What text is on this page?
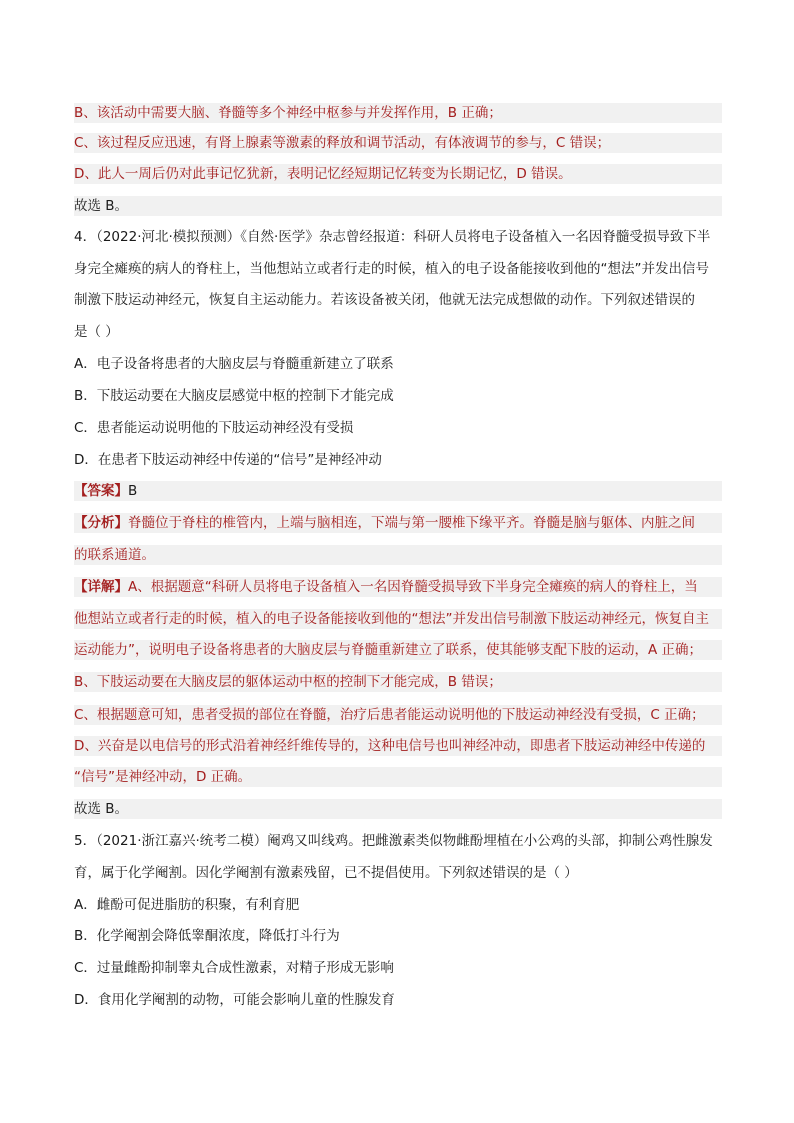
B、该活动中需要大脑、脊髓等多个神经中枢参与并发挥作用，B 正确；
C、该过程反应迅速，有肾上腺素等激素的释放和调节活动，有体液调节的参与，C 错误；
D、此人一周后仍对此事记忆犹新，表明记忆经短期记忆转变为长期记忆，D 错误。
故选 B。
4．（2022·河北·模拟预测）《自然·医学》杂志曾经报道：科研人员将电子设备植入一名因脊髓受损导致下半
身完全瘫痪的病人的脊柱上，当他想站立或者行走的时候，植入的电子设备能接收到他的“想法”并发出信号
制激下肢运动神经元，恢复自主运动能力。若该设备被关闭，他就无法完成想做的动作。下列叙述错误的
是（ ）
A．电子设备将患者的大脑皮层与脊髓重新建立了联系
B．下肢运动要在大脑皮层感觉中枢的控制下才能完成
C．患者能运动说明他的下肢运动神经没有受损
D．在患者下肢运动神经中传递的“信号”是神经冲动
【答案】B
【分析】脊髓位于脊柱的椎管内，上端与脑相连，下端与第一腰椎下缘平齐。脊髓是脑与躯体、内脏之间
的联系通道。
【详解】A、根据题意“科研人员将电子设备植入一名因脊髓受损导致下半身完全瘫痪的病人的脊柱上，当
他想站立或者行走的时候，植入的电子设备能接收到他的“想法”并发出信号制激下肢运动神经元，恢复自主
运动能力”，说明电子设备将患者的大脑皮层与脊髓重新建立了联系，使其能够支配下肢的运动，A 正确；
B、下肢运动要在大脑皮层的躯体运动中枢的控制下才能完成，B 错误；
C、根据题意可知，患者受损的部位在脊髓，治疗后患者能运动说明他的下肢运动神经没有受损，C 正确；
D、兴奋是以电信号的形式沿着神经纤维传导的，这种电信号也叫神经冲动，即患者下肢运动神经中传递的
“信号”是神经冲动，D 正确。
故选 B。
5．（2021·浙江嘉兴·统考二模）阉鸡又叫线鸡。把雌激素类似物雌酚埋植在小公鸡的头部，抑制公鸡性腺发
育，属于化学阉割。因化学阉割有激素残留，已不提倡使用。下列叙述错误的是（ ）
A．雌酚可促进脂肪的积聚，有利育肥
B．化学阉割会降低睾酮浓度，降低打斗行为
C．过量雌酚抑制睾丸合成性激素，对精子形成无影响
D．食用化学阉割的动物，可能会影响儿童的性腺发育
